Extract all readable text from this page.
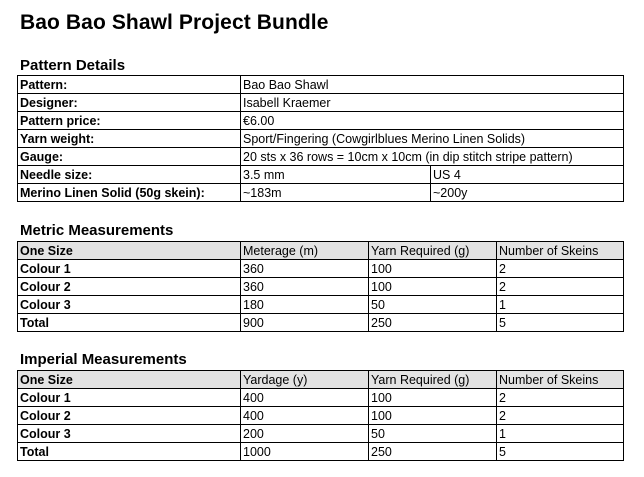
Bao Bao Shawl Project Bundle
Pattern Details
Pattern:	Bao Bao Shawl	
Designer:	Isabell Kraemer	
Pattern price:	€6.00	
Yarn weight:	Sport/Fingering (Cowgirlblues Merino Linen Solids)	
Gauge:	20 sts x 36 rows = 10cm x 10cm (in dip stitch stripe pattern)	
Needle size:	3.5 mm	US 4
Merino Linen Solid (50g skein):	~183m	~200y
Metric Measurements
One Size	Meterage (m)	Yarn Required (g)	Number of Skeins
Colour 1	360	100	2
Colour 2	360	100	2
Colour 3	180	50	1
Total	900	250	5
Imperial Measurements
One Size	Yardage (y)	Yarn Required (g)	Number of Skeins
Colour 1	400	100	2
Colour 2	400	100	2
Colour 3	200	50	1
Total	1000	250	5
